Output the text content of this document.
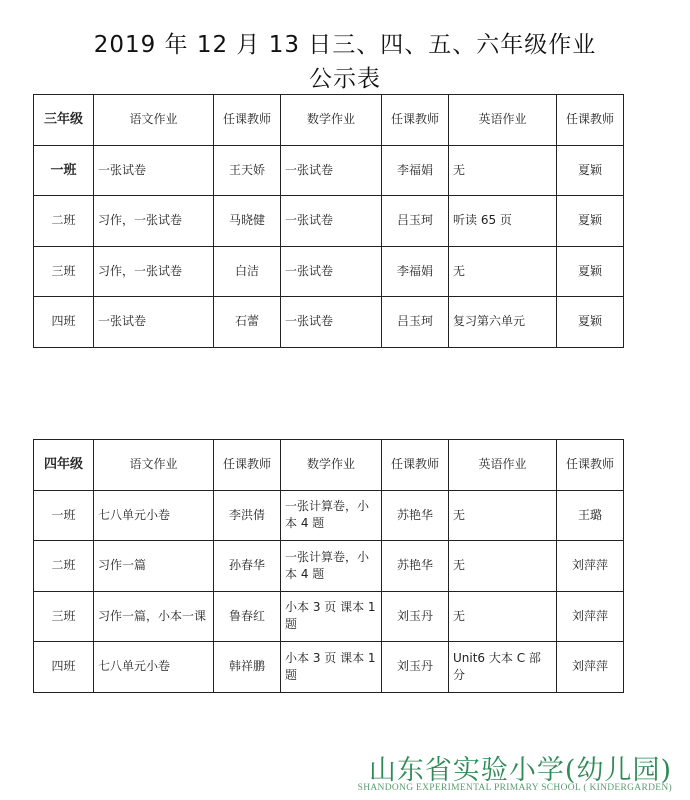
2019 年 12 月 13 日三、四、五、六年级作业
公示表
三年级	语文作业	任课教师	数学作业	任课教师	英语作业	任课教师
一班	一张试卷	王天娇	一张试卷	李福娟	无	夏颖
二班	习作，一张试卷	马晓健	一张试卷	吕玉珂	听读 65 页	夏颖
三班	习作，一张试卷	白洁	一张试卷	李福娟	无	夏颖
四班	一张试卷	石蕾	一张试卷	吕玉珂	复习第六单元	夏颖
四年级	语文作业	任课教师	数学作业	任课教师	英语作业	任课教师
一班	七八单元小卷	李洪倩	一张计算卷，小本 4 题	苏艳华	无	王璐
二班	习作一篇	孙春华	一张计算卷，小本 4 题	苏艳华	无	刘萍萍
三班	习作一篇，小本一课	鲁春红	小本 3 页 课本 1 题	刘玉丹	无	刘萍萍
四班	七八单元小卷	韩祥鹏	小本 3 页 课本 1 题	刘玉丹	Unit6 大本 C 部分	刘萍萍
山东省实验小学(幼儿园)
SHANDONG EXPERIMENTAL PRIMARY SCHOOL ( KINDERGARDEN)
